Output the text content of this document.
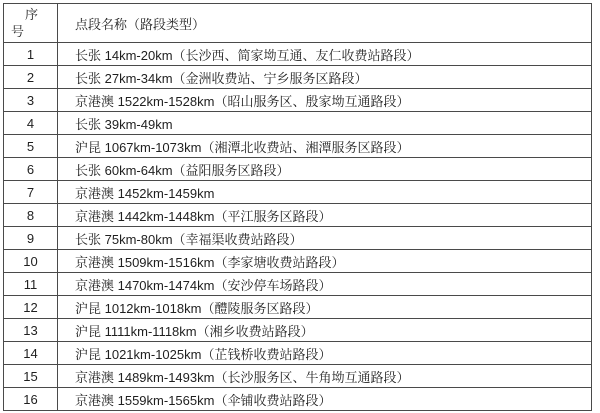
序号	点段名称（路段类型）
1	长张 14km-20km（长沙西、简家坳互通、友仁收费站路段）
2	长张 27km-34km（金洲收费站、宁乡服务区路段）
3	京港澳 1522km-1528km（昭山服务区、殷家坳互通路段）
4	长张 39km-49km
5	沪昆 1067km-1073km（湘潭北收费站、湘潭服务区路段）
6	长张 60km-64km（益阳服务区路段）
7	京港澳 1452km-1459km
8	京港澳 1442km-1448km（平江服务区路段）
9	长张 75km-80km（幸福渠收费站路段）
10	京港澳 1509km-1516km（李家塘收费站路段）
11	京港澳 1470km-1474km（安沙停车场路段）
12	沪昆 1012km-1018km（醴陵服务区路段）
13	沪昆 1111km-1118km（湘乡收费站路段）
14	沪昆 1021km-1025km（芷钱桥收费站路段）
15	京港澳 1489km-1493km（长沙服务区、牛角坳互通路段）
16	京港澳 1559km-1565km（伞铺收费站路段）
